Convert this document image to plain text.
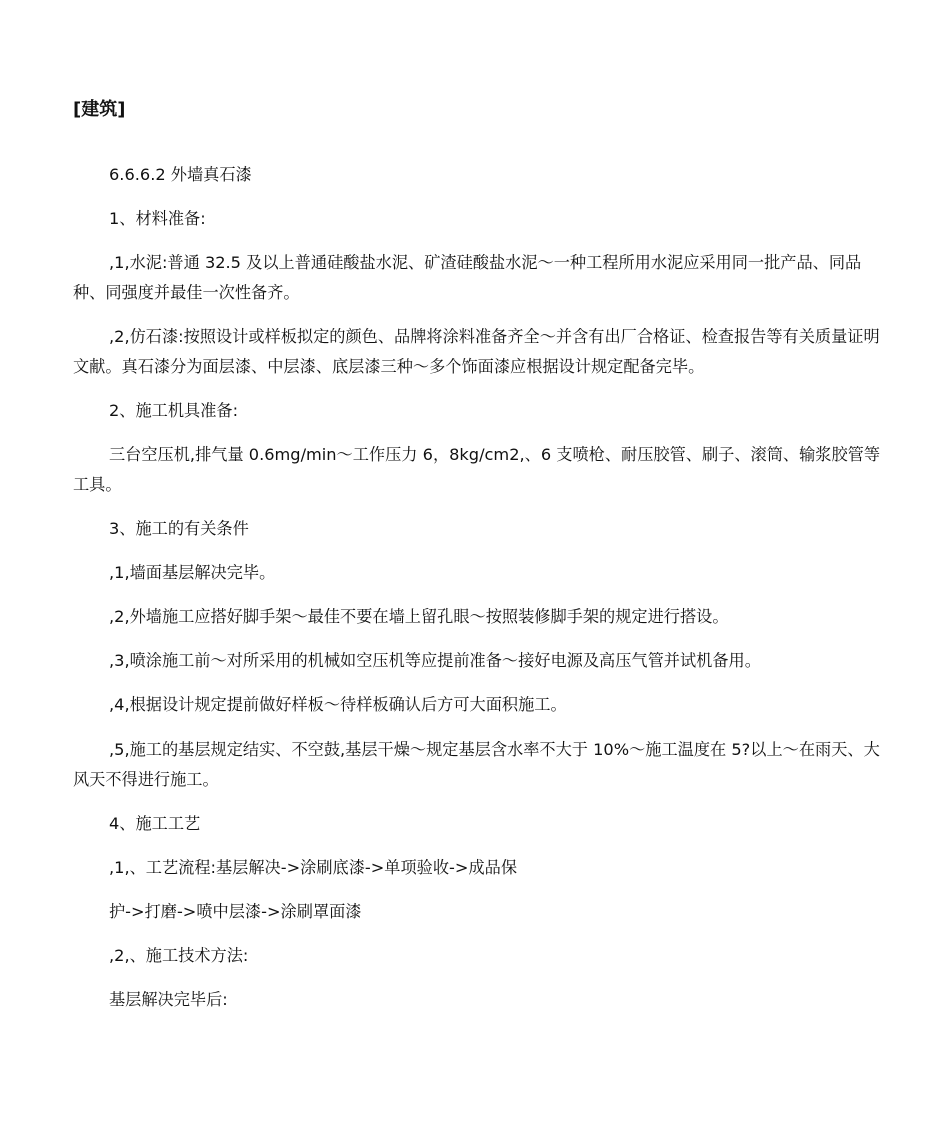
[建筑]

6.6.6.2 外墙真石漆

1、材料准备:

,1,水泥:普通 32.5 及以上普通硅酸盐水泥、矿渣硅酸盐水泥～一种工程所用水泥应采用同一批产品、同品种、同强度并最佳一次性备齐。

,2,仿石漆:按照设计或样板拟定的颜色、品牌将涂料准备齐全～并含有出厂合格证、检查报告等有关质量证明文献。真石漆分为面层漆、中层漆、底层漆三种～多个饰面漆应根据设计规定配备完毕。

2、施工机具准备:

三台空压机,排气量 0.6mg/min～工作压力 6，8kg/cm2,、6 支喷枪、耐压胶管、刷子、滚筒、输浆胶管等工具。

3、施工的有关条件

,1,墙面基层解决完毕。

,2,外墙施工应搭好脚手架～最佳不要在墙上留孔眼～按照装修脚手架的规定进行搭设。

,3,喷涂施工前～对所采用的机械如空压机等应提前准备～接好电源及高压气管并试机备用。

,4,根据设计规定提前做好样板～待样板确认后方可大面积施工。

,5,施工的基层规定结实、不空鼓,基层干燥～规定基层含水率不大于 10%～施工温度在 5?以上～在雨天、大风天不得进行施工。

4、施工工艺

,1,、工艺流程:基层解决->涂刷底漆->单项验收->成品保

护->打磨->喷中层漆->涂刷罩面漆

,2,、施工技术方法:

基层解决完毕后:
